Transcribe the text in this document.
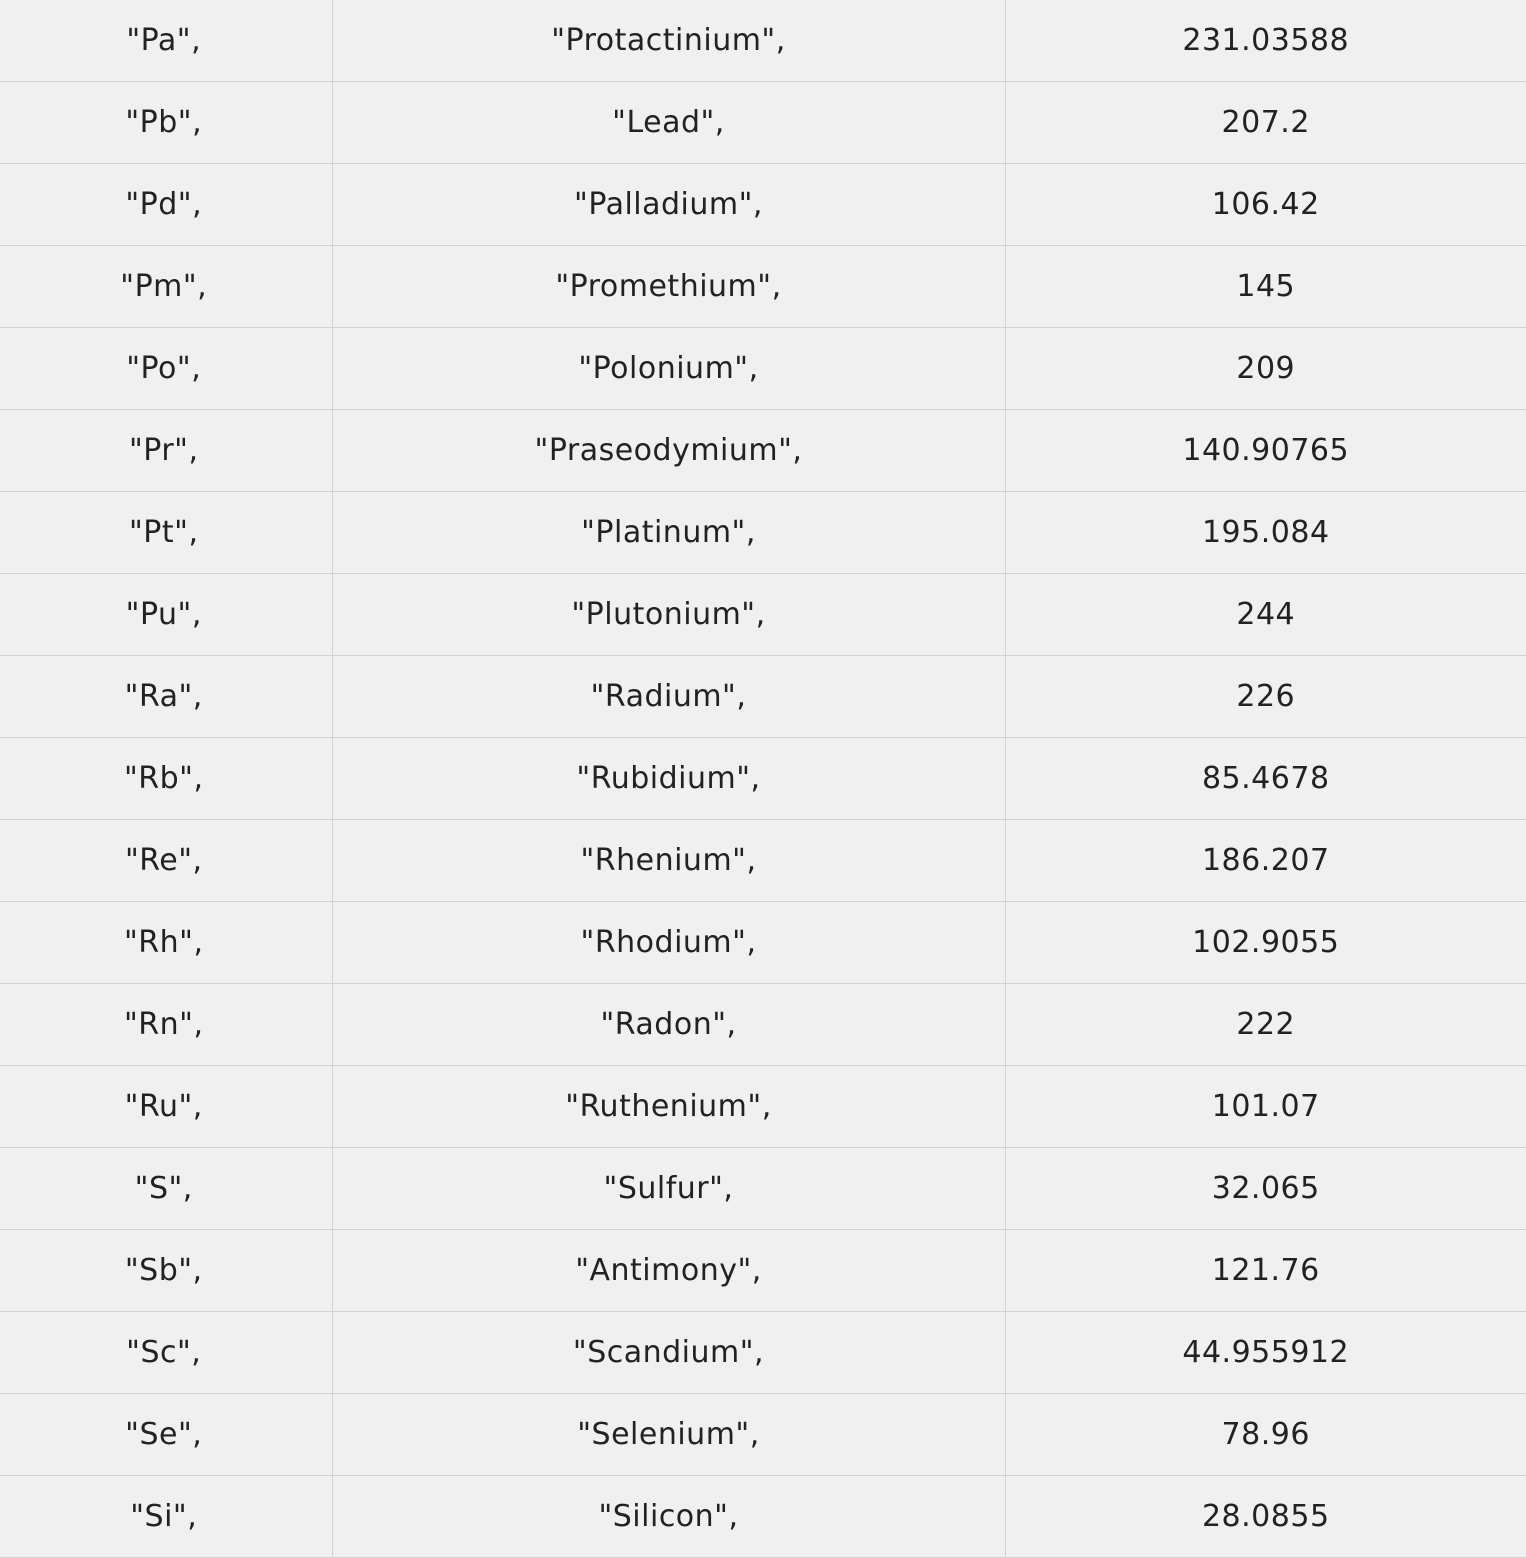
"Pa",	"Protactinium",	231.03588
"Pb",	"Lead",	207.2
"Pd",	"Palladium",	106.42
"Pm",	"Promethium",	145
"Po",	"Polonium",	209
"Pr",	"Praseodymium",	140.90765
"Pt",	"Platinum",	195.084
"Pu",	"Plutonium",	244
"Ra",	"Radium",	226
"Rb",	"Rubidium",	85.4678
"Re",	"Rhenium",	186.207
"Rh",	"Rhodium",	102.9055
"Rn",	"Radon",	222
"Ru",	"Ruthenium",	101.07
"S",	"Sulfur",	32.065
"Sb",	"Antimony",	121.76
"Sc",	"Scandium",	44.955912
"Se",	"Selenium",	78.96
"Si",	"Silicon",	28.0855
